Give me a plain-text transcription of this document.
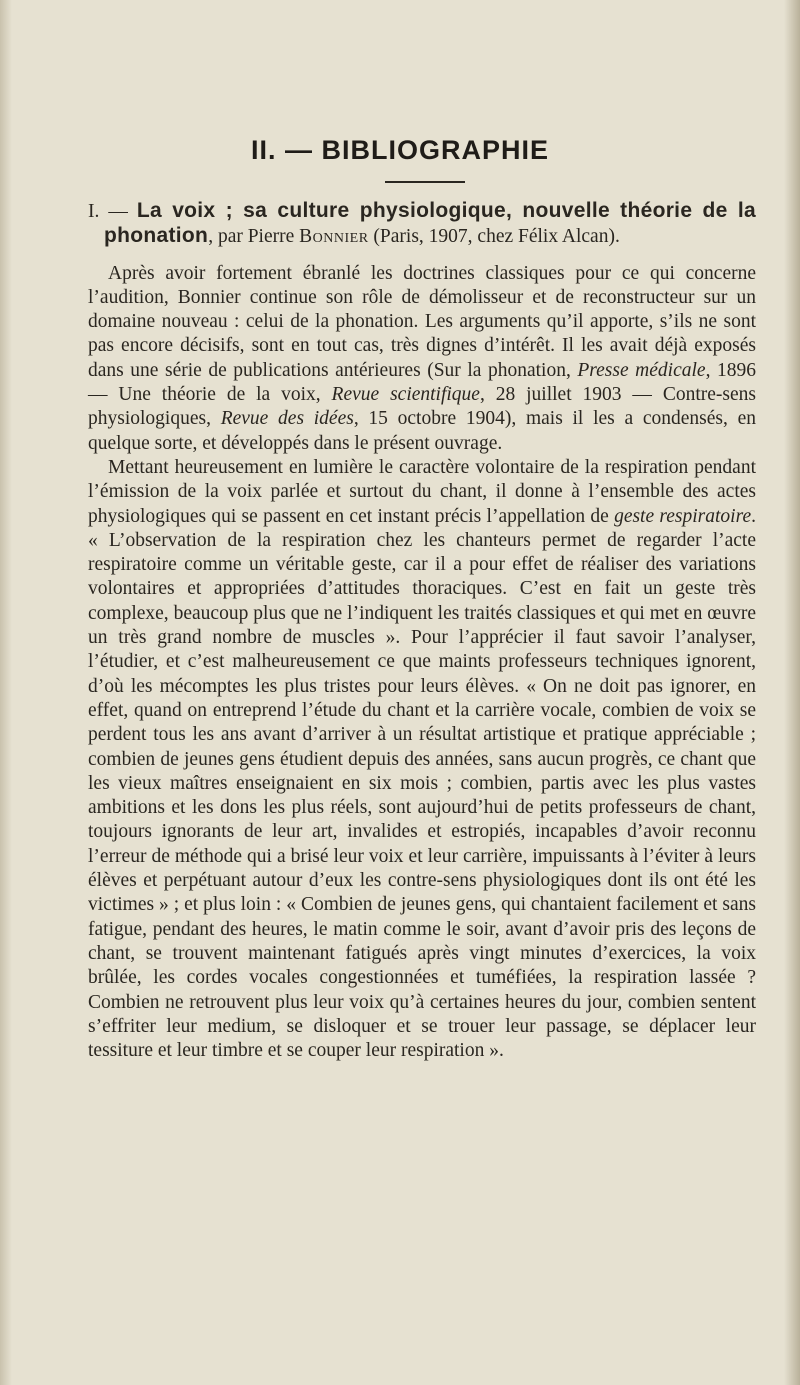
II. — BIBLIOGRAPHIE

I. — La voix ; sa culture physiologique, nouvelle théorie de la phonation, par Pierre Bonnier (Paris, 1907, chez Félix Alcan).

Après avoir fortement ébranlé les doctrines classiques pour ce qui concerne l’audition, Bonnier continue son rôle de démolisseur et de reconstructeur sur un domaine nouveau : celui de la phonation. Les arguments qu’il apporte, s’ils ne sont pas encore décisifs, sont en tout cas, très dignes d’intérêt. Il les avait déjà exposés dans une série de publications antérieures (Sur la phonation, Presse médicale, 1896 — Une théorie de la voix, Revue scientifique, 28 juillet 1903 — Contre-sens physiologiques, Revue des idées, 15 octobre 1904), mais il les a condensés, en quelque sorte, et développés dans le présent ouvrage.

Mettant heureusement en lumière le caractère volontaire de la respiration pendant l’émission de la voix parlée et surtout du chant, il donne à l’ensemble des actes physiologiques qui se passent en cet instant précis l’appellation de geste respiratoire. « L’observation de la respiration chez les chanteurs permet de regarder l’acte respiratoire comme un véritable geste, car il a pour effet de réaliser des variations volontaires et appropriées d’attitudes thoraciques. C’est en fait un geste très complexe, beaucoup plus que ne l’indiquent les traités classiques et qui met en œuvre un très grand nombre de muscles ». Pour l’apprécier il faut savoir l’analyser, l’étudier, et c’est malheureusement ce que maints professeurs techniques ignorent, d’où les mécomptes les plus tristes pour leurs élèves. « On ne doit pas ignorer, en effet, quand on entreprend l’étude du chant et la carrière vocale, combien de voix se perdent tous les ans avant d’arriver à un résultat artistique et pratique appréciable ; combien de jeunes gens étudient depuis des années, sans aucun progrès, ce chant que les vieux maîtres enseignaient en six mois ; combien, partis avec les plus vastes ambitions et les dons les plus réels, sont aujourd’hui de petits professeurs de chant, toujours ignorants de leur art, invalides et estropiés, incapables d’avoir reconnu l’erreur de méthode qui a brisé leur voix et leur carrière, impuissants à l’éviter à leurs élèves et perpétuant autour d’eux les contre-sens physiologiques dont ils ont été les victimes » ; et plus loin : « Combien de jeunes gens, qui chantaient facilement et sans fatigue, pendant des heures, le matin comme le soir, avant d’avoir pris des leçons de chant, se trouvent maintenant fatigués après vingt minutes d’exercices, la voix brûlée, les cordes vocales congestionnées et tuméfiées, la respiration lassée ? Combien ne retrouvent plus leur voix qu’à certaines heures du jour, combien sentent s’effriter leur medium, se disloquer et se trouer leur passage, se déplacer leur tessiture et leur timbre et se couper leur respiration ».
